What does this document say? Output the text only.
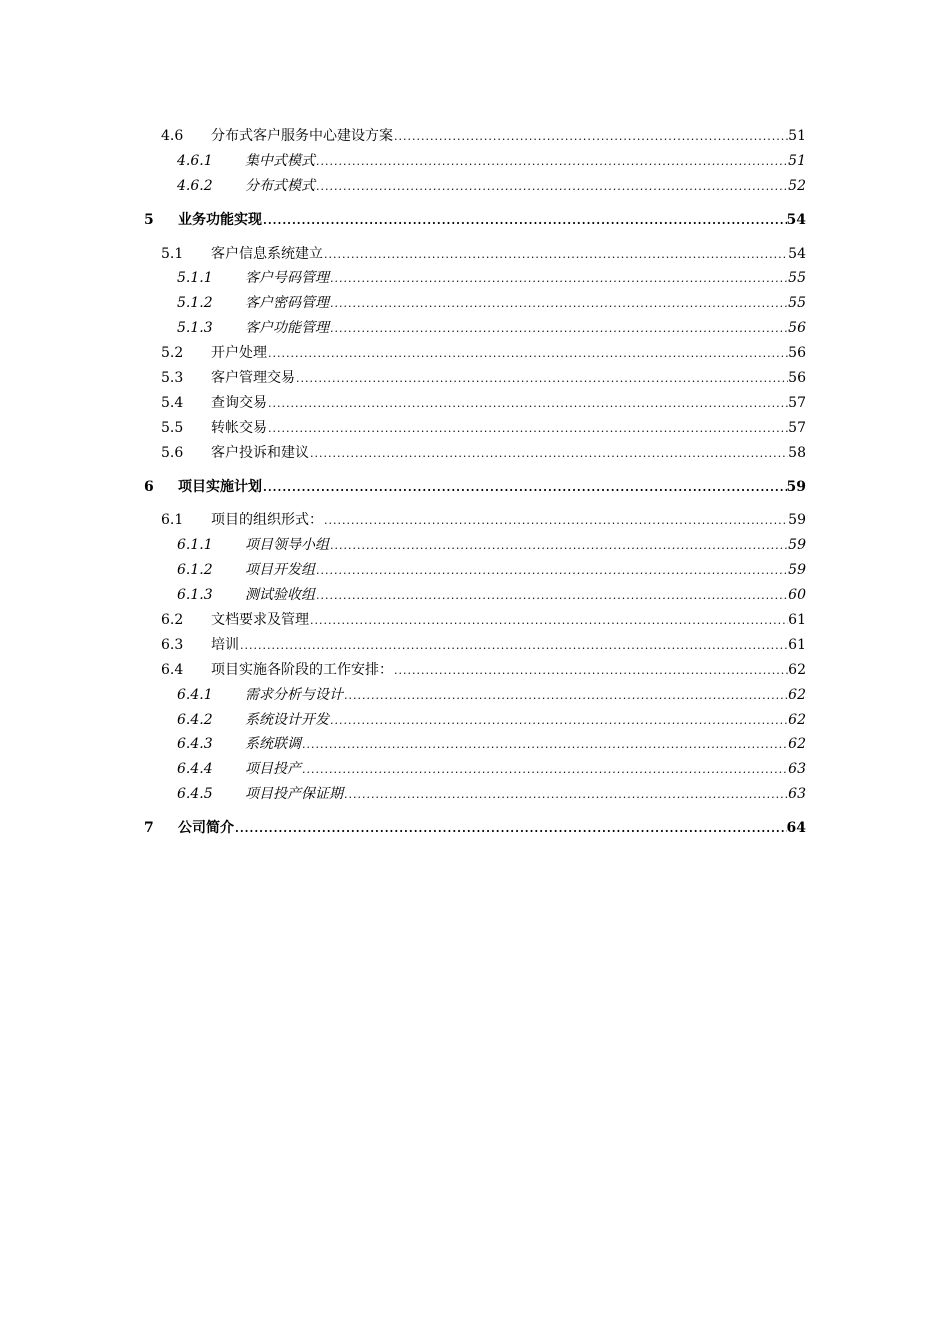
4.6	分布式客户服务中心建设方案 .....	51
4.6.1	集中式模式 .....	51
4.6.2	分布式模式 .....	52
5	业务功能实现 .....	54
5.1	客户信息系统建立 .....	54
5.1.1	客户号码管理 .....	55
5.1.2	客户密码管理 .....	55
5.1.3	客户功能管理 .....	56
5.2	开户处理 .....	56
5.3	客户管理交易 .....	56
5.4	查询交易 .....	57
5.5	转帐交易 .....	57
5.6	客户投诉和建议 .....	58
6	项目实施计划 .....	59
6.1	项目的组织形式： .....	59
6.1.1	项目领导小组 .....	59
6.1.2	项目开发组 .....	59
6.1.3	测试验收组 .....	60
6.2	文档要求及管理 .....	61
6.3	培训 .....	61
6.4	项目实施各阶段的工作安排： .....	62
6.4.1	需求分析与设计 .....	62
6.4.2	系统设计开发 .....	62
6.4.3	系统联调 .....	62
6.4.4	项目投产 .....	63
6.4.5	项目投产保证期 .....	63
7	公司简介 .....	64
